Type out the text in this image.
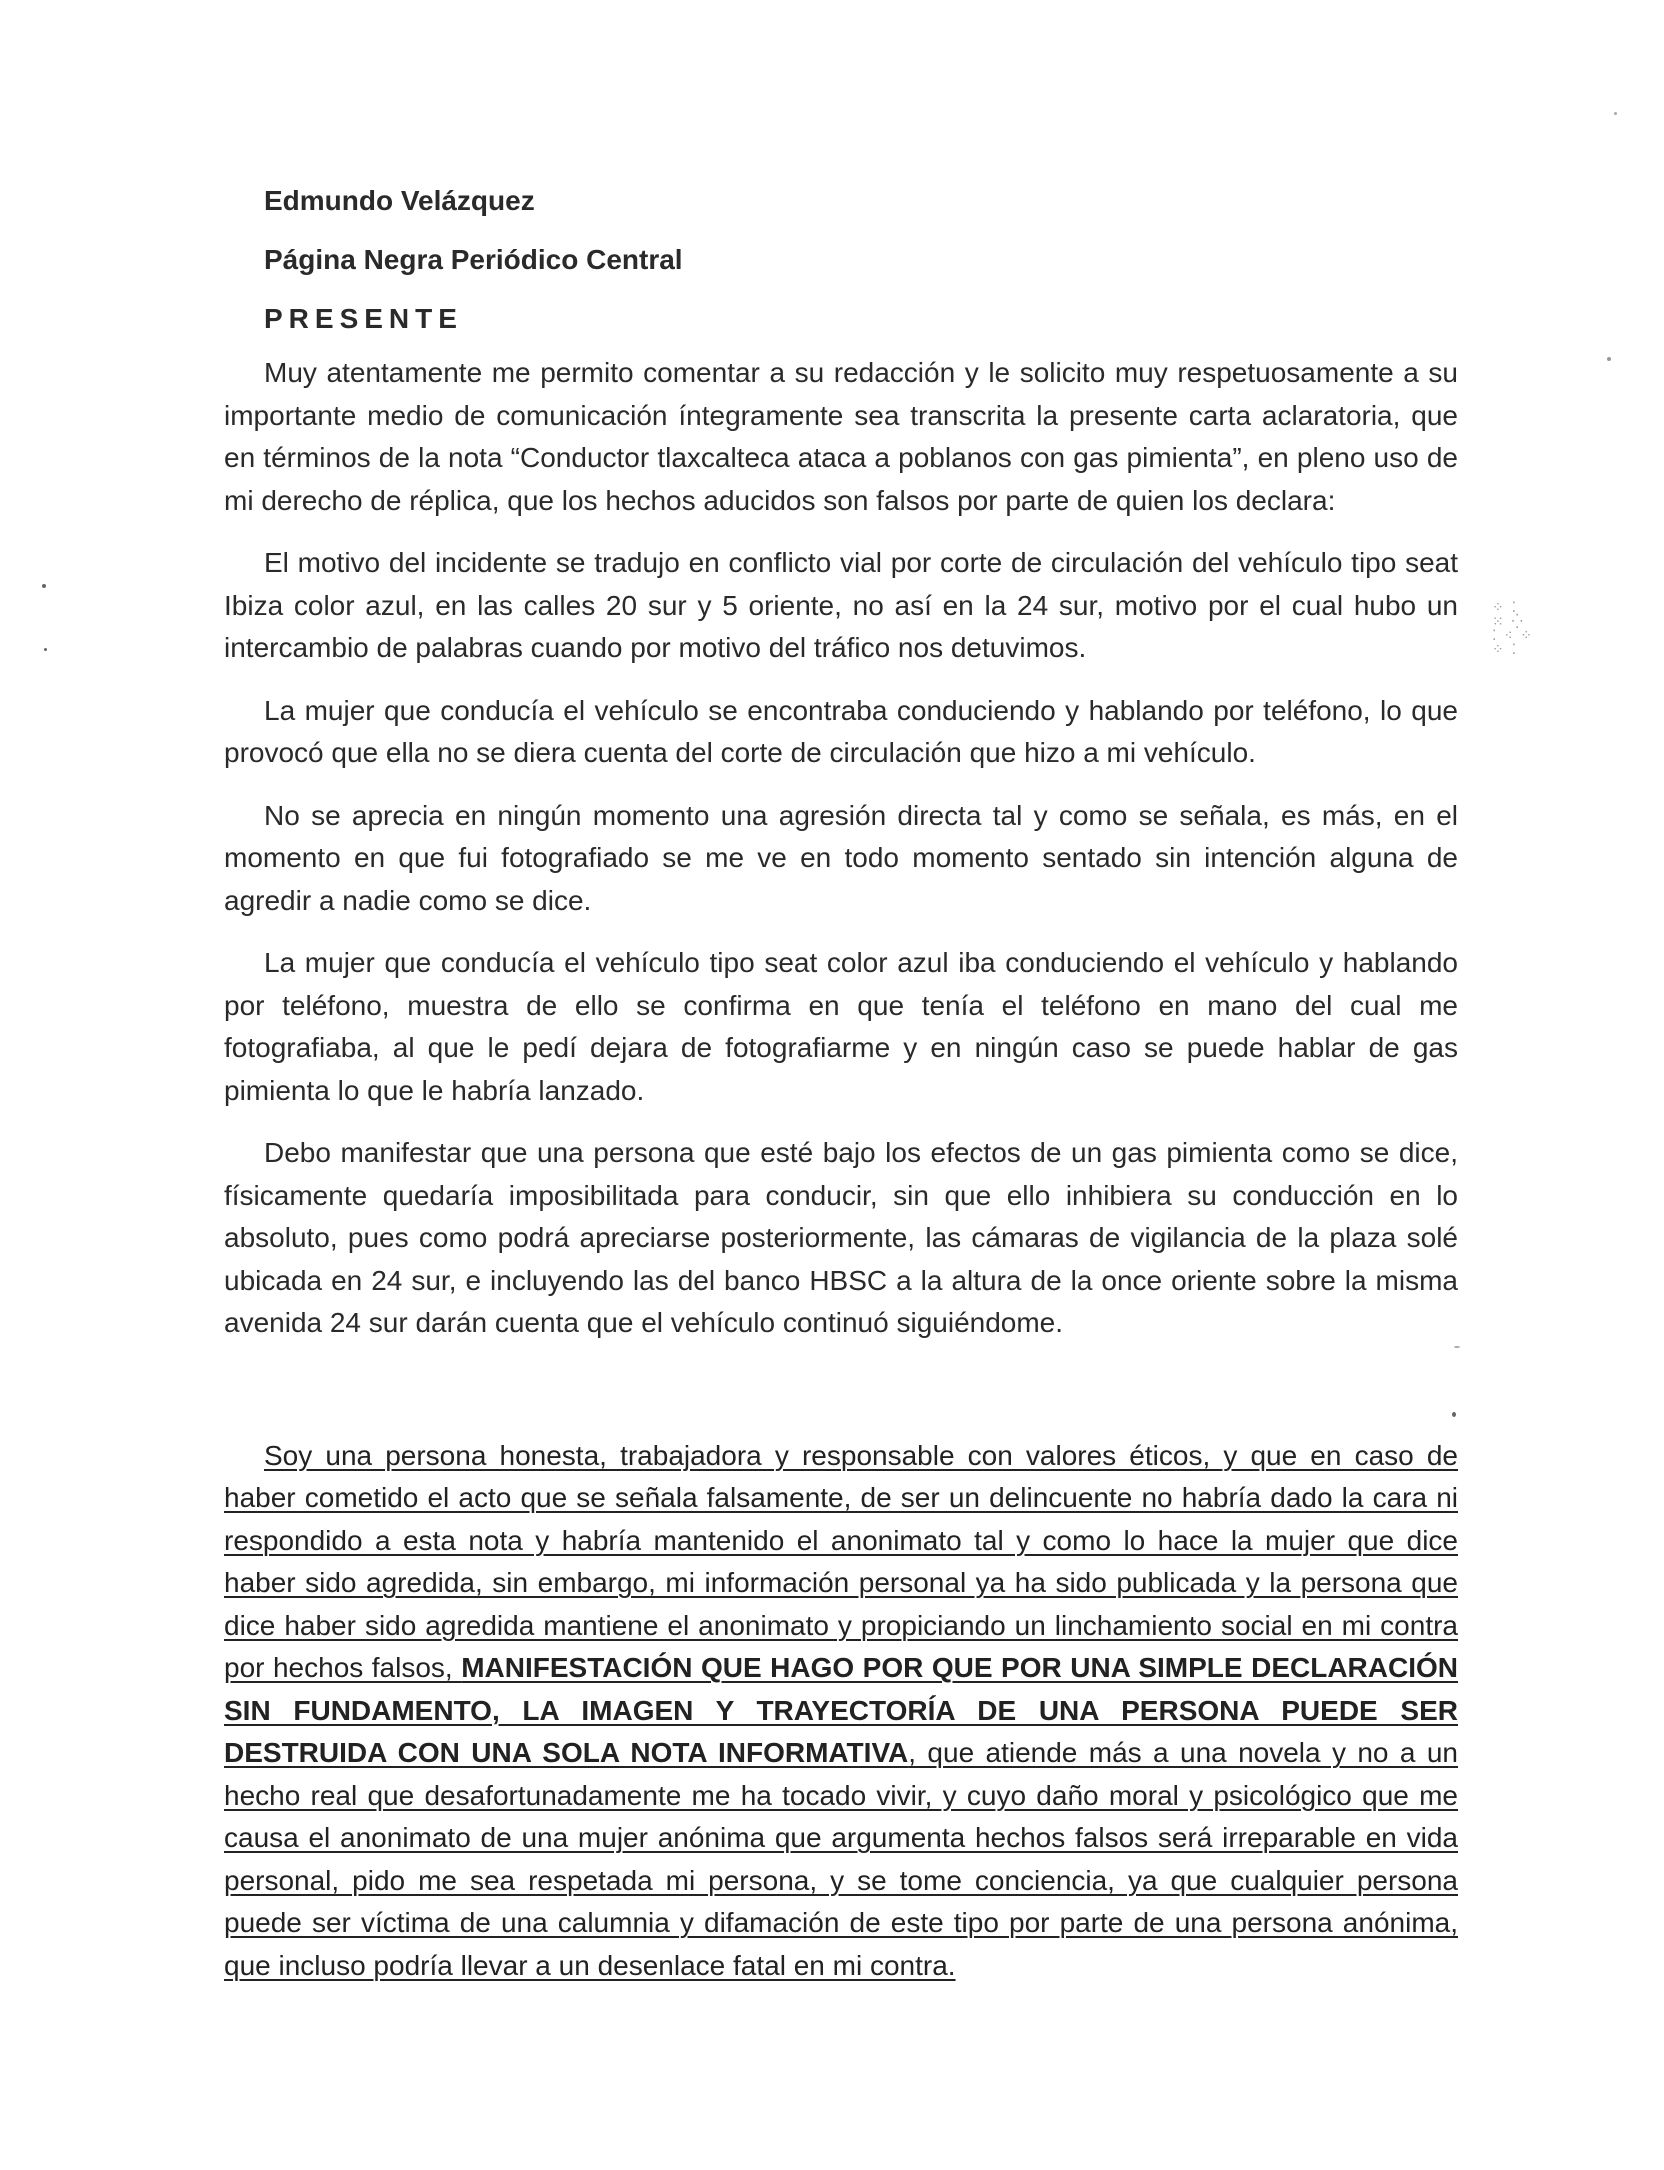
⁘ ⁚
⁙ ⁛
⁚ ⁖ ⁘
⁘ ⁚
Edmundo Velázquez
Página Negra Periódico Central
PRESENTE

Muy atentamente me permito comentar a su redacción y le solicito muy respetuosamente a su importante medio de comunicación íntegramente sea transcrita la presente carta aclaratoria, que en términos de la nota “Conductor tlaxcalteca ataca a poblanos con gas pimienta”, en pleno uso de mi derecho de réplica, que los hechos aducidos son falsos por parte de quien los declara:

El motivo del incidente se tradujo en conflicto vial por corte de circulación del vehículo tipo seat Ibiza color azul, en las calles 20 sur y 5 oriente, no así en la 24 sur, motivo por el cual hubo un intercambio de palabras cuando por motivo del tráfico nos detuvimos.

La mujer que conducía el vehículo se encontraba conduciendo y hablando por teléfono, lo que provocó que ella no se diera cuenta del corte de circulación que hizo a mi vehículo.

No se aprecia en ningún momento una agresión directa tal y como se señala, es más, en el momento en que fui fotografiado se me ve en todo momento sentado sin intención alguna de agredir a nadie como se dice.

La mujer que conducía el vehículo tipo seat color azul iba conduciendo el vehículo y hablando por teléfono, muestra de ello se confirma en que tenía el teléfono en mano del cual me fotografiaba, al que le pedí dejara de fotografiarme y en ningún caso se puede hablar de gas pimienta lo que le habría lanzado.

Debo manifestar que una persona que esté bajo los efectos de un gas pimienta como se dice, físicamente quedaría imposibilitada para conducir, sin que ello inhibiera su conducción en lo absoluto, pues como podrá apreciarse posteriormente, las cámaras de vigilancia de la plaza solé ubicada en 24 sur, e incluyendo las del banco HBSC a la altura de la once oriente sobre la misma avenida 24 sur darán cuenta que el vehículo continuó siguiéndome.

Soy una persona honesta, trabajadora y responsable con valores éticos, y que en caso de haber cometido el acto que se señala falsamente, de ser un delincuente no habría dado la cara ni respondido a esta nota y habría mantenido el anonimato tal y como lo hace la mujer que dice haber sido agredida, sin embargo, mi información personal ya ha sido publicada y la persona que dice haber sido agredida mantiene el anonimato y propiciando un linchamiento social en mi contra por hechos falsos, MANIFESTACIÓN QUE HAGO POR QUE POR UNA SIMPLE DECLARACIÓN SIN FUNDAMENTO, LA IMAGEN Y TRAYECTORÍA DE UNA PERSONA PUEDE SER DESTRUIDA CON UNA SOLA NOTA INFORMATIVA, que atiende más a una novela y no a un hecho real que desafortunadamente me ha tocado vivir, y cuyo daño moral y psicológico que me causa el anonimato de una mujer anónima que argumenta hechos falsos será irreparable en vida personal, pido me sea respetada mi persona, y se tome conciencia, ya que cualquier persona puede ser víctima de una calumnia y difamación de este tipo por parte de una persona anónima, que incluso podría llevar a un desenlace fatal en mi contra.
